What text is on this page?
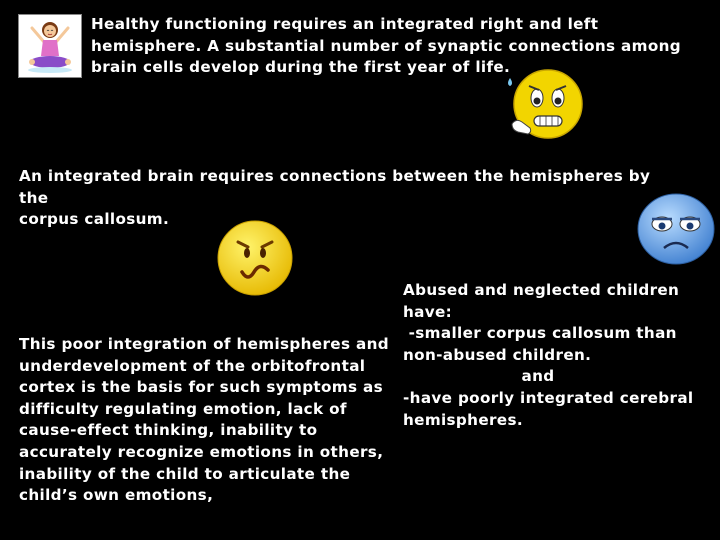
Healthy functioning requires an integrated right and left
hemisphere. A substantial number of synaptic connections among
brain cells develop during the first year of life.
An integrated brain requires connections between the hemispheres by the
corpus callosum.
This poor integration of hemispheres and
underdevelopment of the orbitofrontal
cortex is the basis for such symptoms as
difficulty regulating emotion, lack of
cause-effect thinking, inability to
accurately recognize emotions in others,
inability of the child to articulate the
child’s own emotions,
Abused and neglected children
have:
-smaller corpus callosum than
non-abused children.
and
-have poorly integrated cerebral
hemispheres.
